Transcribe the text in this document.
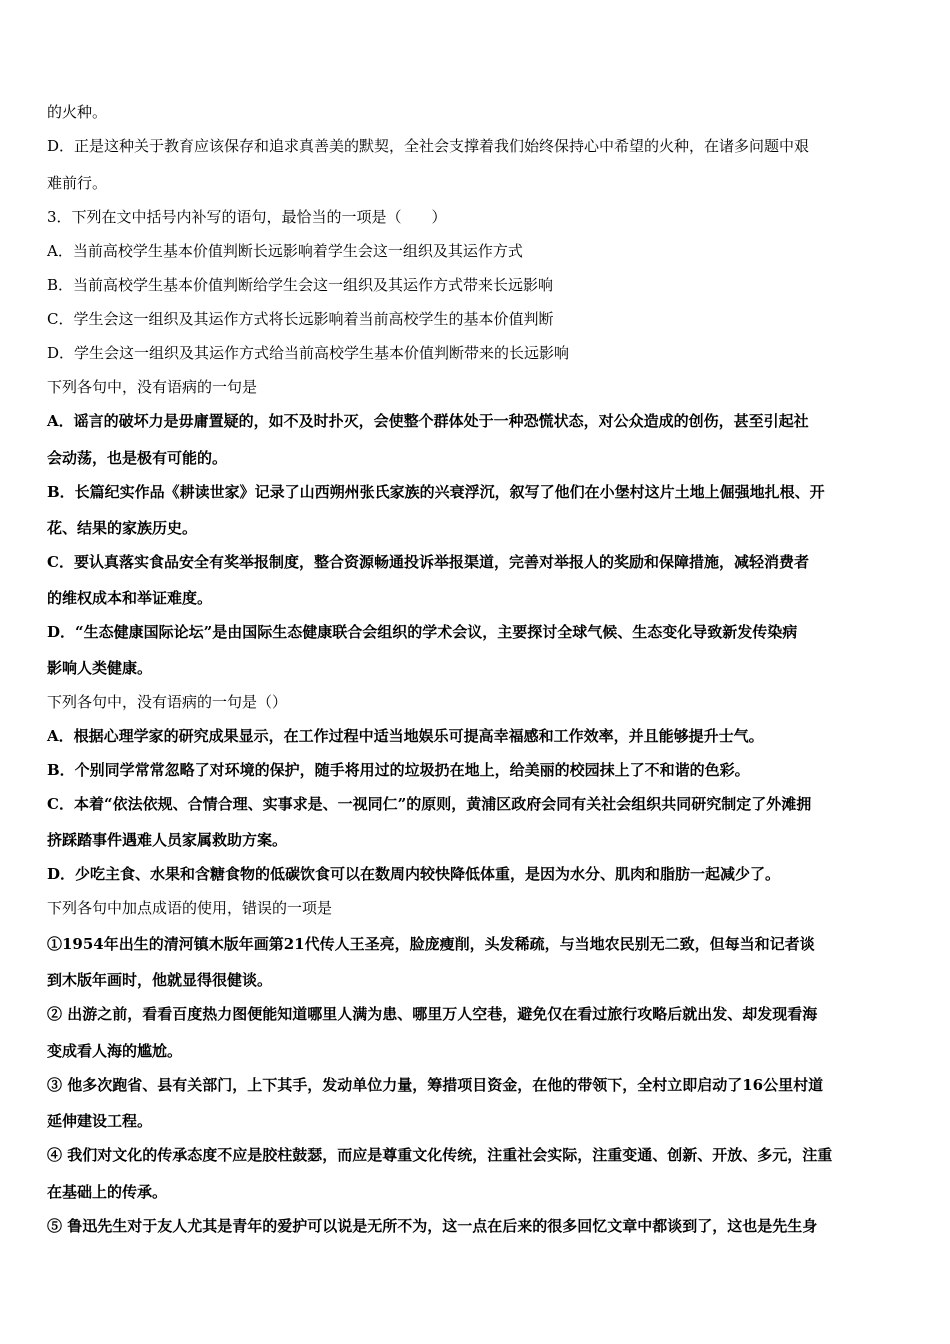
的火种。
D．正是这种关于教育应该保存和追求真善美的默契，全社会支撑着我们始终保持心中希望的火种，在诸多问题中艰
难前行。
3．下列在文中括号内补写的语句，最恰当的一项是（　　）
A．当前高校学生基本价值判断长远影响着学生会这一组织及其运作方式
B．当前高校学生基本价值判断给学生会这一组织及其运作方式带来长远影响
C．学生会这一组织及其运作方式将长远影响着当前高校学生的基本价值判断
D．学生会这一组织及其运作方式给当前高校学生基本价值判断带来的长远影响
下列各句中，没有语病的一句是
A．谣言的破坏力是毋庸置疑的，如不及时扑灭，会使整个群体处于一种恐慌状态，对公众造成的创伤，甚至引起社
会动荡，也是极有可能的。
B．长篇纪实作品《耕读世家》记录了山西朔州张氏家族的兴衰浮沉，叙写了他们在小堡村这片土地上倔强地扎根、开
花、结果的家族历史。
C．要认真落实食品安全有奖举报制度，整合资源畅通投诉举报渠道，完善对举报人的奖励和保障措施，减轻消费者
的维权成本和举证难度。
D．“生态健康国际论坛”是由国际生态健康联合会组织的学术会议，主要探讨全球气候、生态变化导致新发传染病
影响人类健康。
下列各句中，没有语病的一句是（）
A．根据心理学家的研究成果显示，在工作过程中适当地娱乐可提高幸福感和工作效率，并且能够提升士气。
B．个别同学常常忽略了对环境的保护，随手将用过的垃圾扔在地上，给美丽的校园抹上了不和谐的色彩。
C．本着“依法依规、合情合理、实事求是、一视同仁”的原则，黄浦区政府会同有关社会组织共同研究制定了外滩拥
挤踩踏事件遇难人员家属救助方案。
D．少吃主食、水果和含糖食物的低碳饮食可以在数周内较快降低体重，是因为水分、肌肉和脂肪一起减少了。
下列各句中加点成语的使用，错误的一项是
①1954年出生的清河镇木版年画第21代传人王圣亮，脸庞瘦削，头发稀疏，与当地农民别无二致，但每当和记者谈
到木版年画时，他就显得很健谈。
② 出游之前，看看百度热力图便能知道哪里人满为患、哪里万人空巷，避免仅在看过旅行攻略后就出发、却发现看海
变成看人海的尴尬。
③ 他多次跑省、县有关部门，上下其手，发动单位力量，筹措项目资金，在他的带领下，全村立即启动了16公里村道
延伸建设工程。
④ 我们对文化的传承态度不应是胶柱鼓瑟，而应是尊重文化传统，注重社会实际，注重变通、创新、开放、多元，注重
在基础上的传承。
⑤ 鲁迅先生对于友人尤其是青年的爱护可以说是无所不为，这一点在后来的很多回忆文章中都谈到了，这也是先生身
